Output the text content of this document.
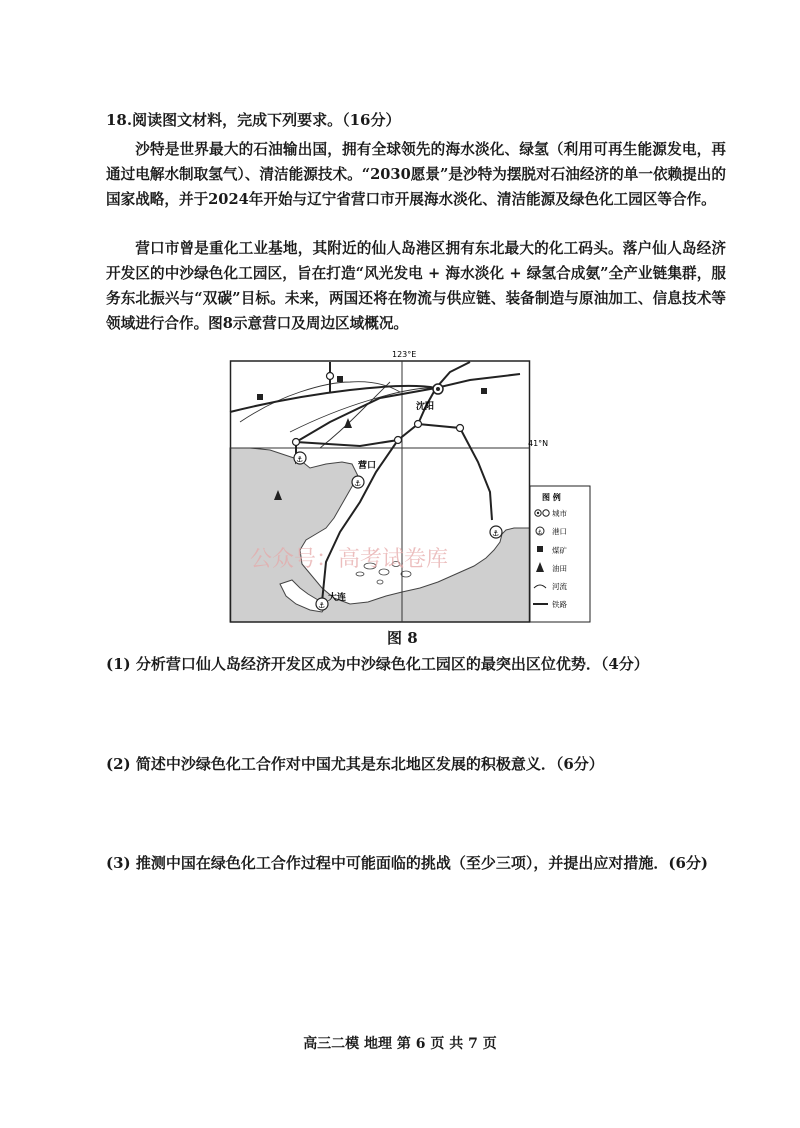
18.阅读图文材料，完成下列要求。（16分）
沙特是世界最大的石油输出国，拥有全球领先的海水淡化、绿氢（利用可再生能源发电，再通过电解水制取氢气）、清洁能源技术。“2030愿景”是沙特为摆脱对石油经济的单一依赖提出的国家战略，并于2024年开始与辽宁省营口市开展海水淡化、清洁能源及绿色化工园区等合作。
营口市曾是重化工业基地，其附近的仙人岛港区拥有东北最大的化工码头。落户仙人岛经济开发区的中沙绿色化工园区，旨在打造“风光发电 + 海水淡化 + 绿氢合成氨”全产业链集群，服务东北振兴与“双碳”目标。未来，两国还将在物流与供应链、装备制造与原油加工、信息技术等领域进行合作。图8示意营口及周边区域概况。
123°E
41°N
沈阳
⚓
⚓
营口
⚓
⚓
大连
公众号：高考试卷库
图 例
城市
⚓ 港口
煤矿
油田
河流
铁路
图 8
(1) 分析营口仙人岛经济开发区成为中沙绿色化工园区的最突出区位优势．（4分）
(2) 简述中沙绿色化工合作对中国尤其是东北地区发展的积极意义．（6分）
(3) 推测中国在绿色化工合作过程中可能面临的挑战（至少三项），并提出应对措施．(6分)
高三二模 地理 第 6 页 共 7 页
